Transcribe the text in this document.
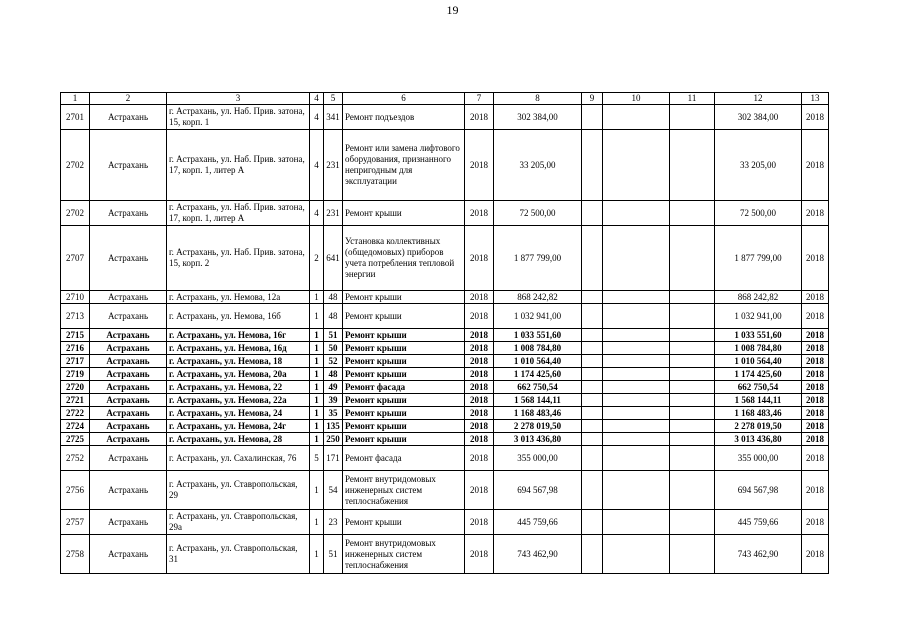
19
1	2	3	4	5	6	7	8	9	10	11	12	13
2701	Астрахань	г. Астрахань, ул. Наб. Прив. затона, 15, корп. 1	4	341	Ремонт подъездов	2018	302 384,00				302 384,00	2018
2702	Астрахань	г. Астрахань, ул. Наб. Прив. затона, 17, корп. 1, литер А	4	231	Ремонт или замена лифтового оборудования, признанного непригодным для эксплуатации	2018	33 205,00				33 205,00	2018
2702	Астрахань	г. Астрахань, ул. Наб. Прив. затона, 17, корп. 1, литер А	4	231	Ремонт крыши	2018	72 500,00				72 500,00	2018
2707	Астрахань	г. Астрахань, ул. Наб. Прив. затона, 15, корп. 2	2	641	Установка коллективных (общедомовых) приборов учета потребления тепловой энергии	2018	1 877 799,00				1 877 799,00	2018
2710	Астрахань	г. Астрахань, ул. Немова, 12а	1	48	Ремонт крыши	2018	868 242,82				868 242,82	2018
2713	Астрахань	г. Астрахань, ул. Немова, 16б	1	48	Ремонт крыши	2018	1 032 941,00				1 032 941,00	2018
2715	Астрахань	г. Астрахань, ул. Немова, 16г	1	51	Ремонт крыши	2018	1 033 551,60				1 033 551,60	2018
2716	Астрахань	г. Астрахань, ул. Немова, 16д	1	50	Ремонт крыши	2018	1 008 784,80				1 008 784,80	2018
2717	Астрахань	г. Астрахань, ул. Немова, 18	1	52	Ремонт крыши	2018	1 010 564,40				1 010 564,40	2018
2719	Астрахань	г. Астрахань, ул. Немова, 20а	1	48	Ремонт крыши	2018	1 174 425,60				1 174 425,60	2018
2720	Астрахань	г. Астрахань, ул. Немова, 22	1	49	Ремонт фасада	2018	662 750,54				662 750,54	2018
2721	Астрахань	г. Астрахань, ул. Немова, 22а	1	39	Ремонт крыши	2018	1 568 144,11				1 568 144,11	2018
2722	Астрахань	г. Астрахань, ул. Немова, 24	1	35	Ремонт крыши	2018	1 168 483,46				1 168 483,46	2018
2724	Астрахань	г. Астрахань, ул. Немова, 24г	1	135	Ремонт крыши	2018	2 278 019,50				2 278 019,50	2018
2725	Астрахань	г. Астрахань, ул. Немова, 28	1	250	Ремонт крыши	2018	3 013 436,80				3 013 436,80	2018
2752	Астрахань	г. Астрахань, ул. Сахалинская, 76	5	171	Ремонт фасада	2018	355 000,00				355 000,00	2018
2756	Астрахань	г. Астрахань, ул. Ставропольская, 29	1	54	Ремонт внутридомовых инженерных систем теплоснабжения	2018	694 567,98				694 567,98	2018
2757	Астрахань	г. Астрахань, ул. Ставропольская, 29а	1	23	Ремонт крыши	2018	445 759,66				445 759,66	2018
2758	Астрахань	г. Астрахань, ул. Ставропольская, 31	1	51	Ремонт внутридомовых инженерных систем теплоснабжения	2018	743 462,90				743 462,90	2018
